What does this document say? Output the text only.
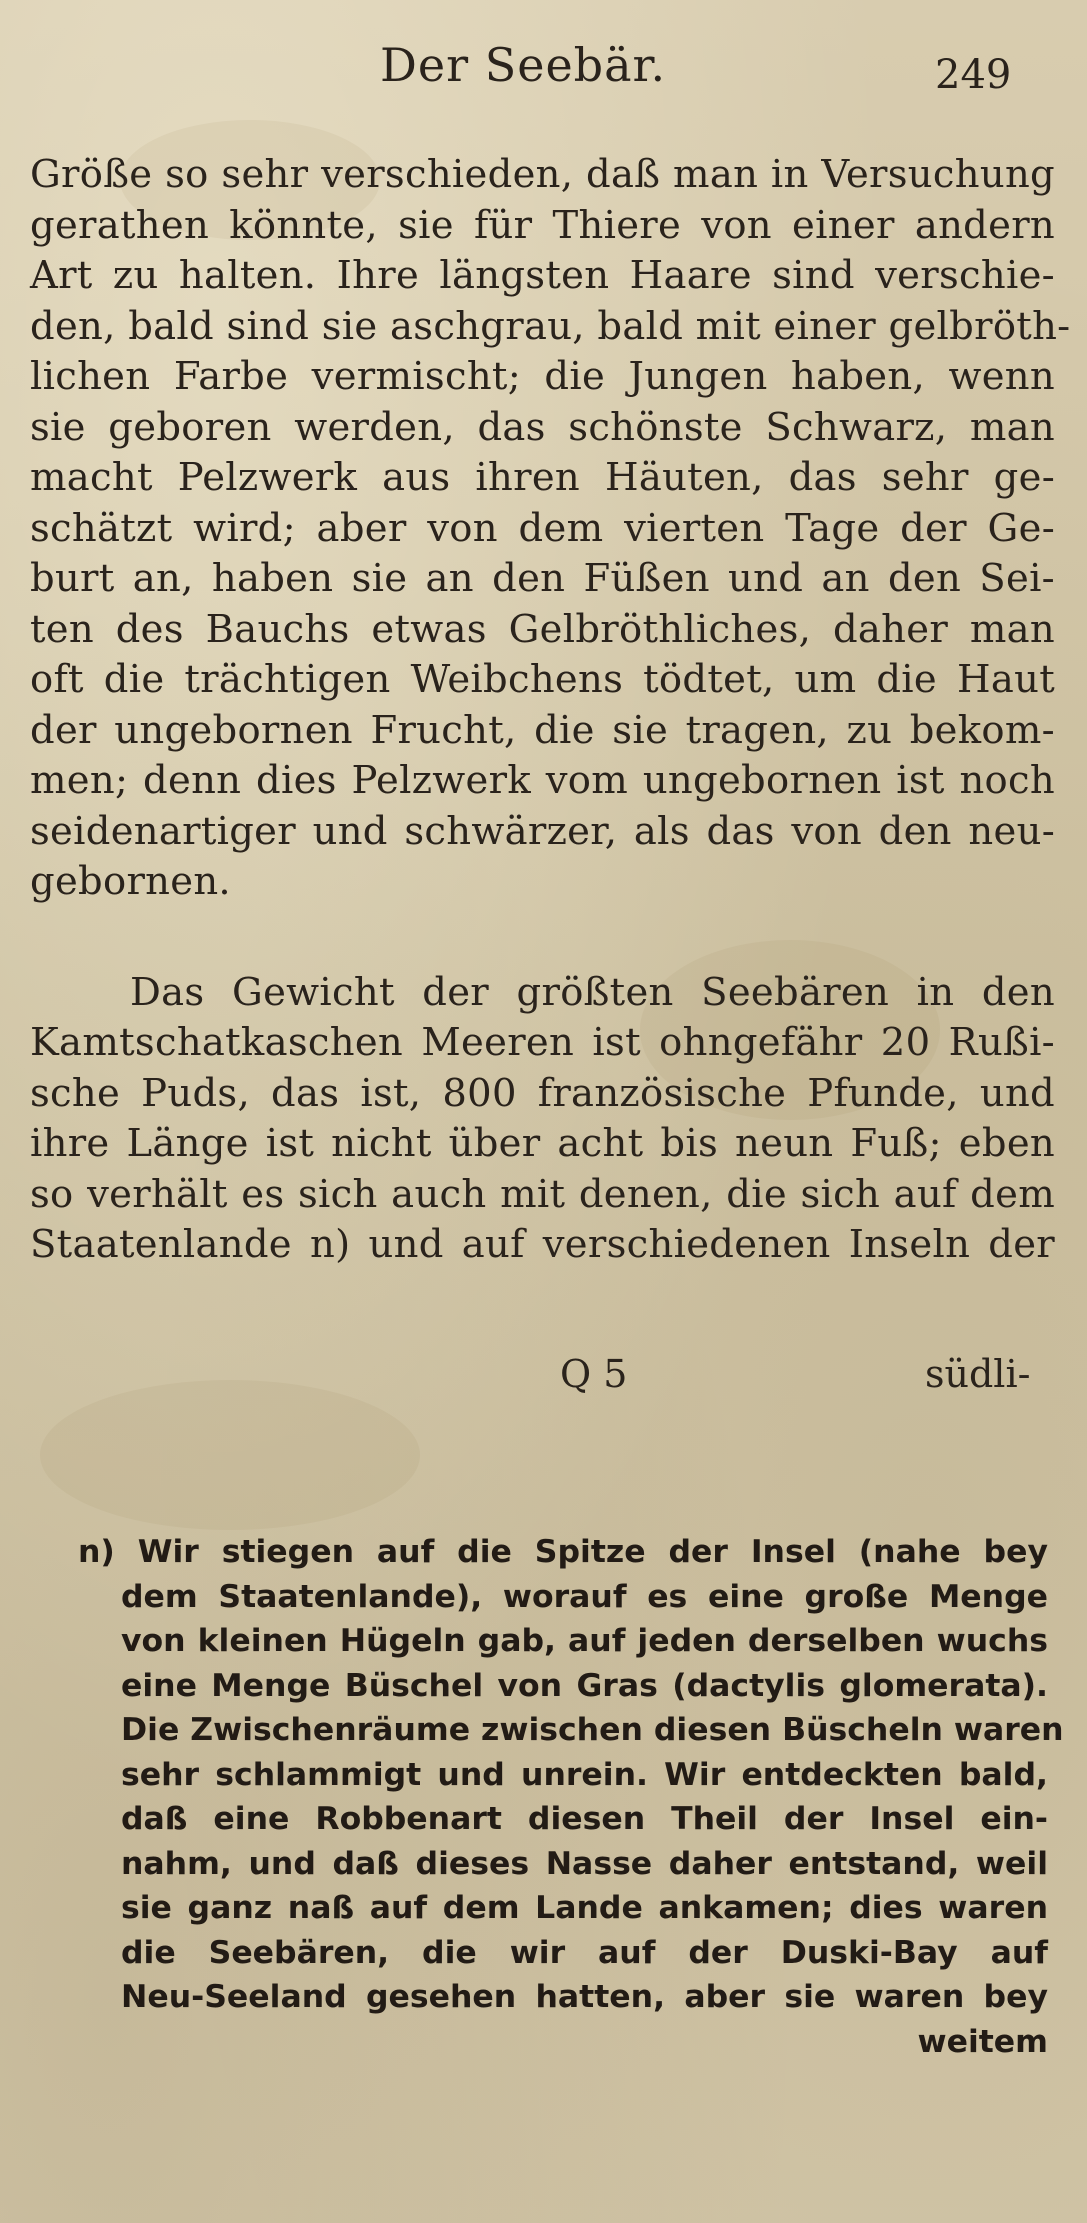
Der Seebär.	249
Größe so sehr verschieden, daß man in Versuchung
gerathen könnte, sie für Thiere von einer andern
Art zu halten. Ihre längsten Haare sind verschie-
den, bald sind sie aschgrau, bald mit einer gelbröth-
lichen Farbe vermischt; die Jungen haben, wenn
sie geboren werden, das schönste Schwarz, man
macht Pelzwerk aus ihren Häuten, das sehr ge-
schätzt wird; aber von dem vierten Tage der Ge-
burt an, haben sie an den Füßen und an den Sei-
ten des Bauchs etwas Gelbröthliches, daher man
oft die trächtigen Weibchens tödtet, um die Haut
der ungebornen Frucht, die sie tragen, zu bekom-
men; denn dies Pelzwerk vom ungebornen ist noch
seidenartiger und schwärzer, als das von den neu-
gebornen.
Das Gewicht der größten Seebären in den
Kamtschatkaschen Meeren ist ohngefähr 20 Rußi-
sche Puds, das ist, 800 französische Pfunde, und
ihre Länge ist nicht über acht bis neun Fuß; eben
so verhält es sich auch mit denen, die sich auf dem
Staatenlande n) und auf verschiedenen Inseln der
Q 5	südli-
n) Wir stiegen auf die Spitze der Insel (nahe bey
dem Staatenlande), worauf es eine große Menge
von kleinen Hügeln gab, auf jeden derselben wuchs
eine Menge Büschel von Gras (dactylis glomerata).
Die Zwischenräume zwischen diesen Büscheln waren
sehr schlammigt und unrein. Wir entdeckten bald,
daß eine Robbenart diesen Theil der Insel ein-
nahm, und daß dieses Nasse daher entstand, weil
sie ganz naß auf dem Lande ankamen; dies waren
die Seebären, die wir auf der Duski-Bay auf
Neu-Seeland gesehen hatten, aber sie waren bey
weitem
